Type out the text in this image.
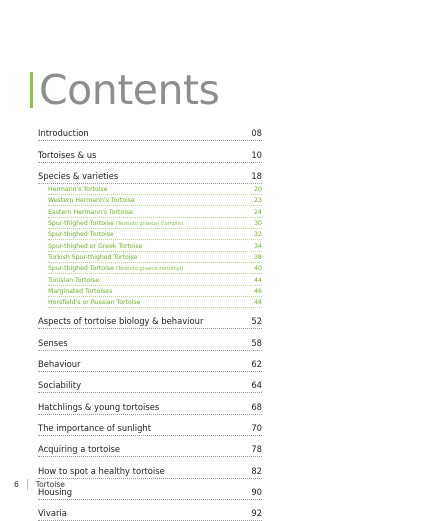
Contents
Introduction	08
Tortoises & us	10
Species & varieties	18
Hermann's Tortoise	20
Western Hermann's Tortoise	23
Eastern Hermann's Tortoise	24
Spur-thighed Tortoise (Testudo graeca) Complex	30
Spur-thighed Tortoise	32
Spur-thighed or Greek Tortoise	34
Turkish Spur-thighed Tortoise	38
Spur-thighed Tortoise (Testudo graeca zarudnyi)	40
Tunisian Tortoise	44
Marginated Tortoises	46
Horsfield's or Russian Tortoise	48
Aspects of tortoise biology & behaviour	52
Senses	58
Behaviour	62
Sociability	64
Hatchlings & young tortoises	68
The importance of sunlight	70
Acquiring a tortoise	78
How to spot a healthy tortoise	82
Housing	90
Vivaria	92
6 Tortoise
